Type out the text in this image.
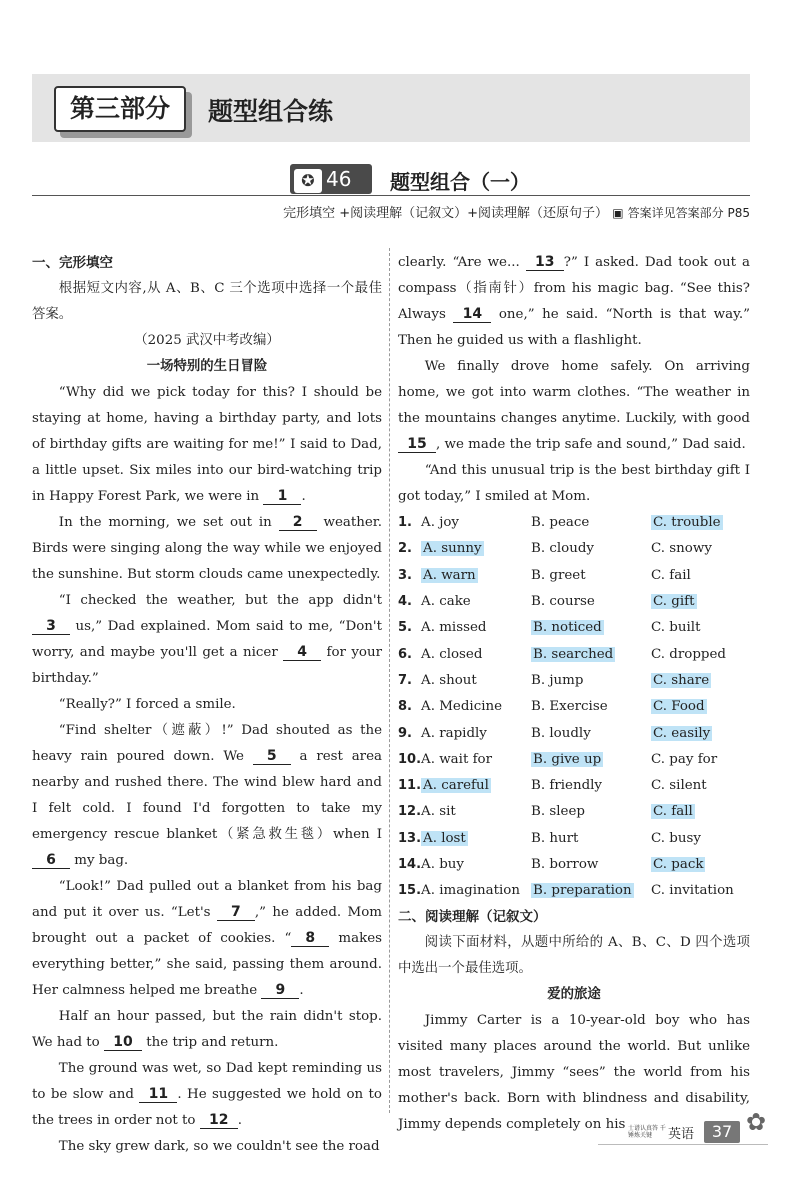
第三部分	题型组合练
✪ 46	题型组合（一）
完形填空 +阅读理解（记叙文）+阅读理解（还原句子） ▣ 答案详见答案部分 P85

一、完形填空

根据短文内容,从 A、B、C 三个选项中选择一个最佳答案。

（2025 武汉中考改编）

一场特别的生日冒险

“Why did we pick today for this? I should be staying at home, having a birthday party, and lots of birthday gifts are waiting for me!” I said to Dad, a little upset. Six miles into our bird-watching trip in Happy Forest Park, we were in 1 .

In the morning, we set out in 2 weather. Birds were singing along the way while we enjoyed the sunshine. But storm clouds came unexpectedly.

“I checked the weather, but the app didn't 3 us,” Dad explained. Mom said to me, “Don't worry, and maybe you'll get a nicer 4 for your birthday.”

“Really?” I forced a smile.

“Find shelter（遮蔽）!” Dad shouted as the heavy rain poured down. We 5 a rest area nearby and rushed there. The wind blew hard and I felt cold. I found I'd forgotten to take my emergency rescue blanket（紧急救生毯）when I 6 my bag.

“Look!” Dad pulled out a blanket from his bag and put it over us. “Let's 7 ,” he added. Mom brought out a packet of cookies. “ 8 makes everything better,” she said, passing them around. Her calmness helped me breathe 9 .

Half an hour passed, but the rain didn't stop. We had to 10 the trip and return.

The ground was wet, so Dad kept reminding us to be slow and 11 . He suggested we hold on to the trees in order not to 12 .

The sky grew dark, so we couldn't see the road

clearly. “Are we... 13 ?” I asked. Dad took out a compass（指南针）from his magic bag. “See this? Always 14 one,” he said. “North is that way.” Then he guided us with a flashlight.

We finally drove home safely. On arriving home, we got into warm clothes. “The weather in the mountains changes anytime. Luckily, with good 15 , we made the trip safe and sound,” Dad said.

“And this unusual trip is the best birthday gift I got today,” I smiled at Mom.

1.	A. joy	B. peace	C. trouble
2.	A. sunny	B. cloudy	C. snowy
3.	A. warn	B. greet	C. fail
4.	A. cake	B. course	C. gift
5.	A. missed	B. noticed	C. built
6.	A. closed	B. searched	C. dropped
7.	A. shout	B. jump	C. share
8.	A. Medicine	B. Exercise	C. Food
9.	A. rapidly	B. loudly	C. easily
10.	A. wait for	B. give up	C. pay for
11.	A. careful	B. friendly	C. silent
12.	A. sit	B. sleep	C. fall
13.	A. lost	B. hurt	C. busy
14.	A. buy	B. borrow	C. pack
15.	A. imagination	B. preparation	C. invitation

二、阅读理解（记叙文）

阅读下面材料，从题中所给的 A、B、C、D 四个选项中选出一个最佳选项。

爱的旅途

Jimmy Carter is a 10-year-old boy who has visited many places around the world. But unlike most travelers, Jimmy “sees” the world from his mother's back. Born with blindness and disability, Jimmy depends completely on his 士谱认真答 千锤炼关键	英语	37 ✿
